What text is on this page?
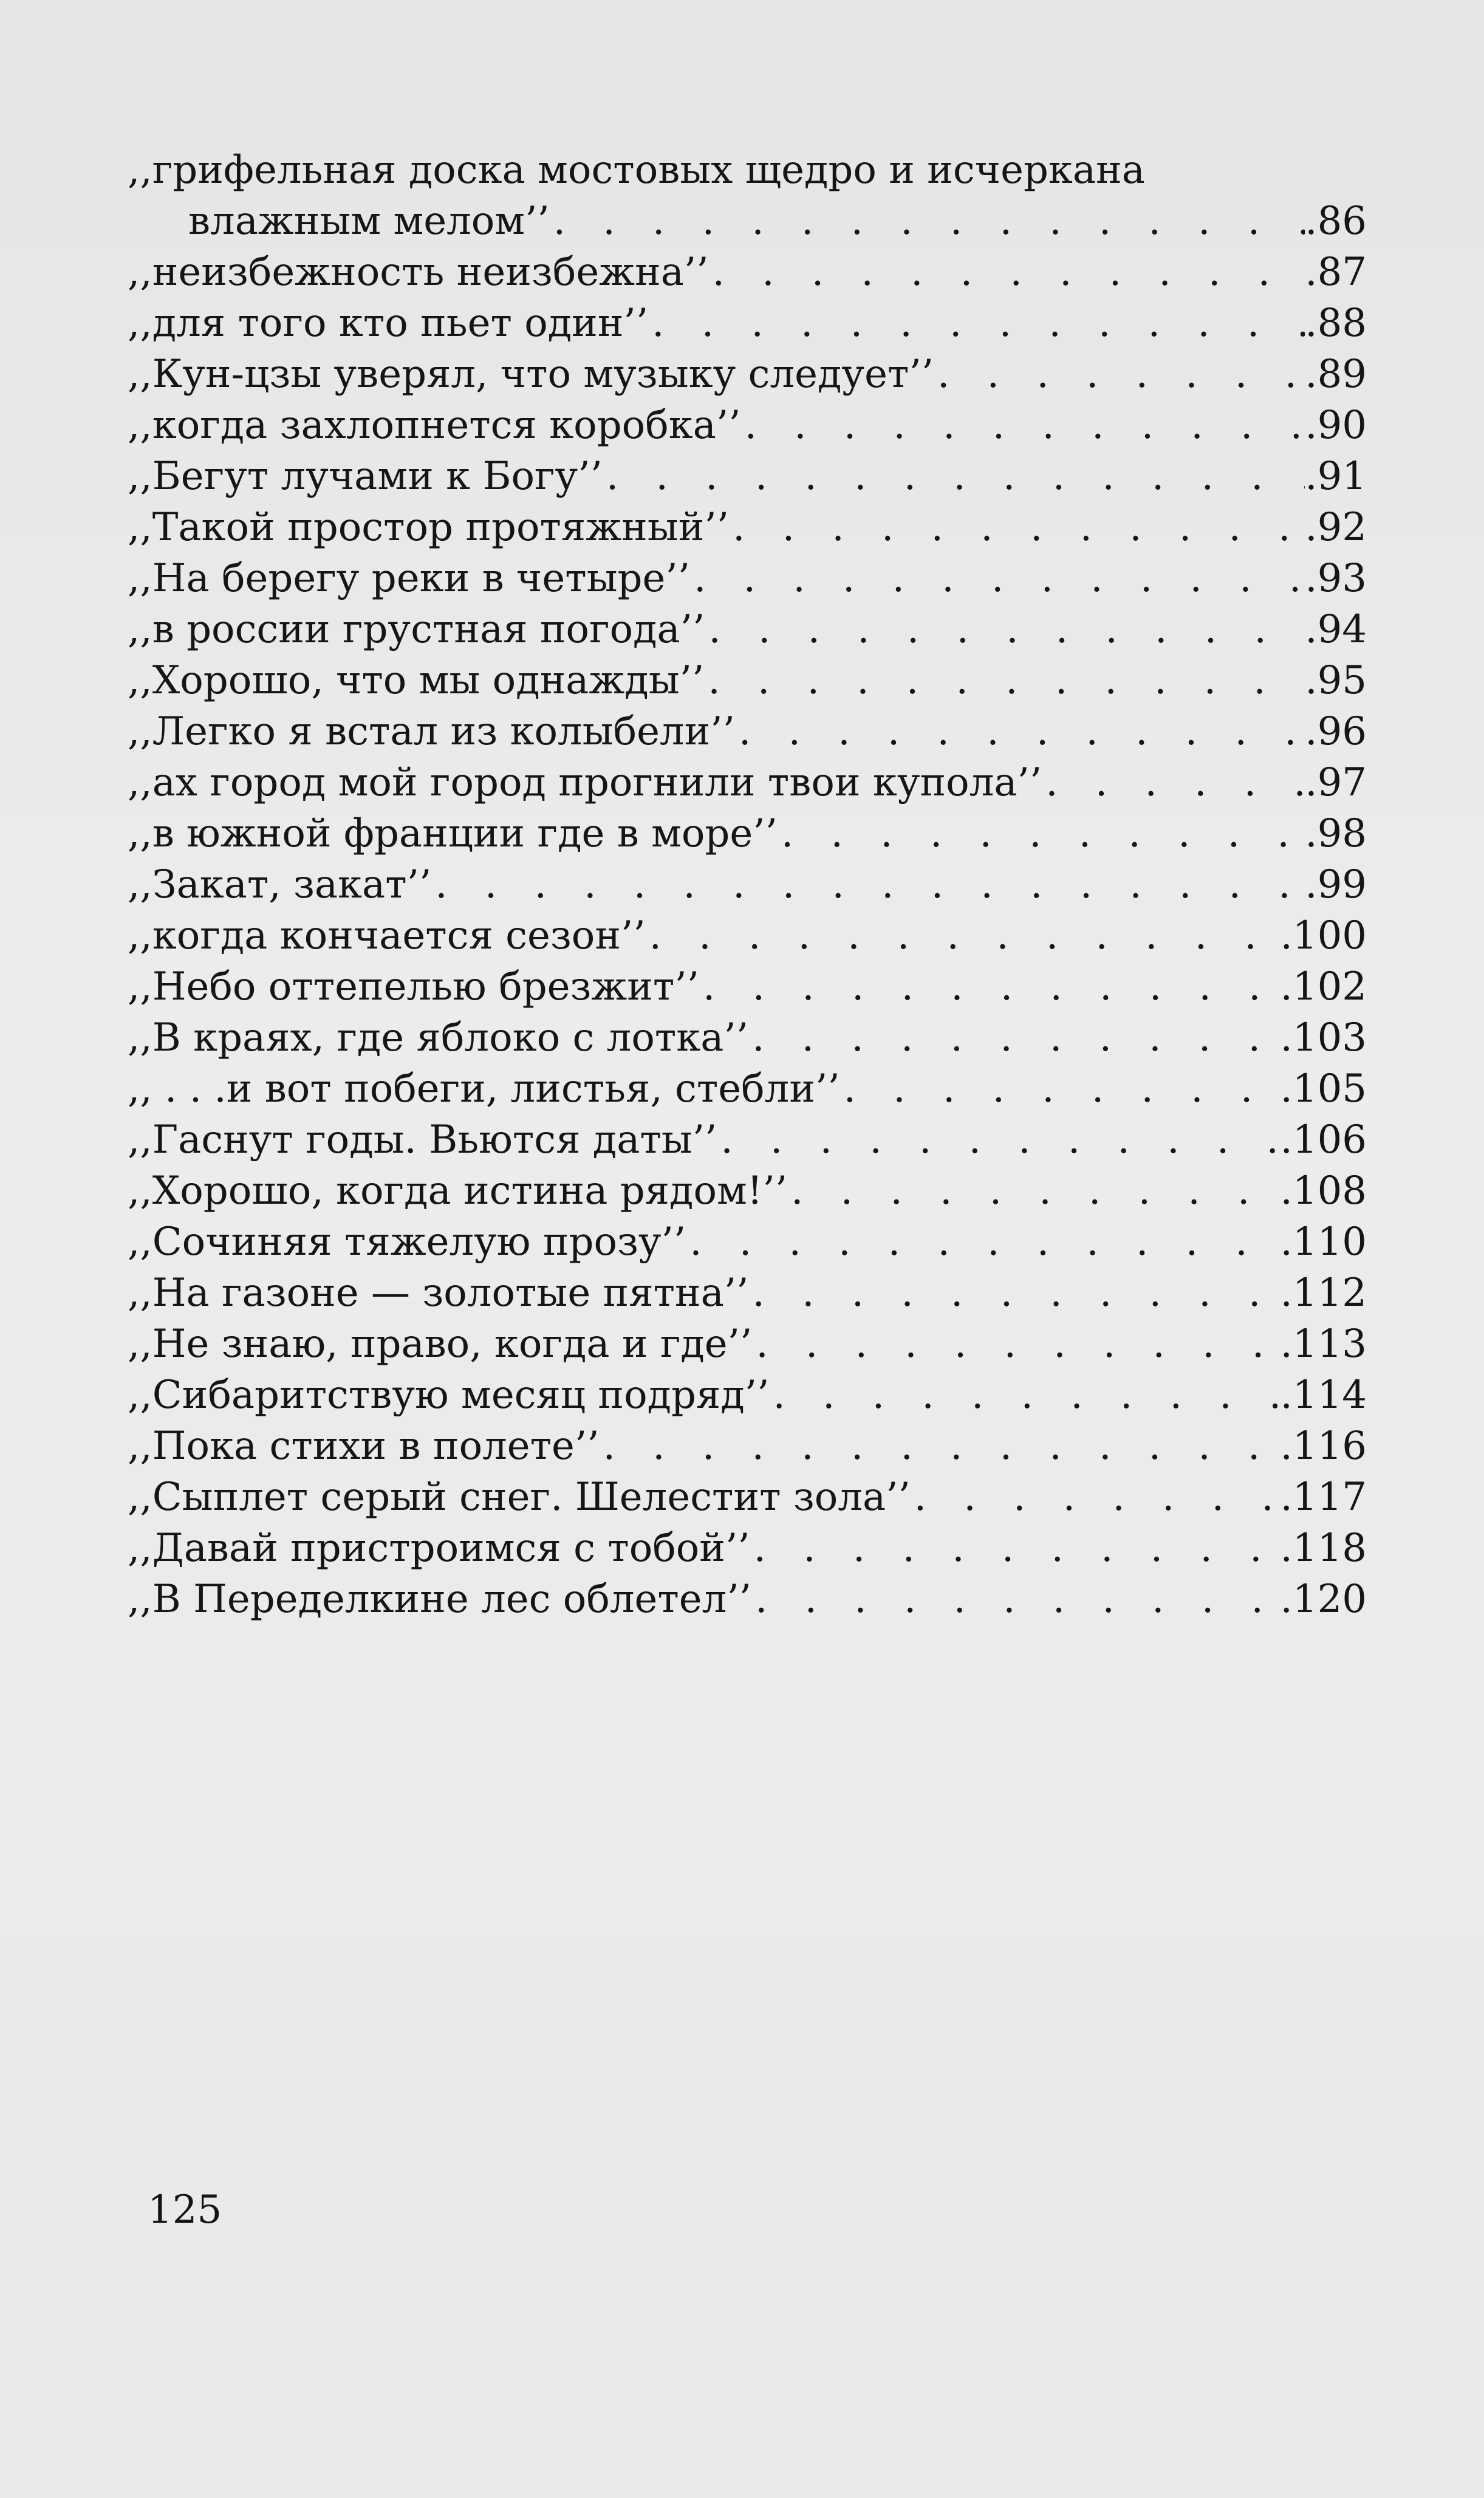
,,грифельная доска мостовых щедро и исчеркана
влажным мелом’’ . . .	.86
,,неизбежность неизбежна’’ . . .	.87
,,для того кто пьет один’’ . . .	.88
,,Кун-цзы уверял, что музыку следует’’ . . .	.89
,,когда захлопнется коробка’’ . . .	.90
,,Бегут лучами к Богу’’ . . .	.91
,,Такой простор протяжный’’ . . .	.92
,,На берегу реки в четыре’’ . . .	.93
,,в россии грустная погода’’ . . .	.94
,,Хорошо, что мы однажды’’ . . .	.95
,,Легко я встал из колыбели’’ . . .	.96
,,ах город мой город прогнили твои купола’’ . . .	.97
,,в южной франции где в море’’ . . .	.98
,,Закат, закат’’ . . .	.99
,,когда кончается сезон’’ . . .	.100
,,Небо оттепелью брезжит’’ . . .	.102
,,В краях, где яблоко с лотка’’ . . .	.103
,, . . .и вот побеги, листья, стебли’’ . . .	.105
,,Гаснут годы. Вьются даты’’ . . .	.106
,,Хорошо, когда истина рядом!’’ . . .	.108
,,Сочиняя тяжелую прозу’’ . . .	.110
,,На газоне — золотые пятна’’ . . .	.112
,,Не знаю, право, когда и где’’ . . .	.113
,,Сибаритствую месяц подряд’’ . . .	.114
,,Пока стихи в полете’’ . . .	.116
,,Сыплет серый снег. Шелестит зола’’ . . .	.117
,,Давай пристроимся с тобой’’ . . .	.118
,,В Переделкине лес облетел’’ . . .	.120
125
